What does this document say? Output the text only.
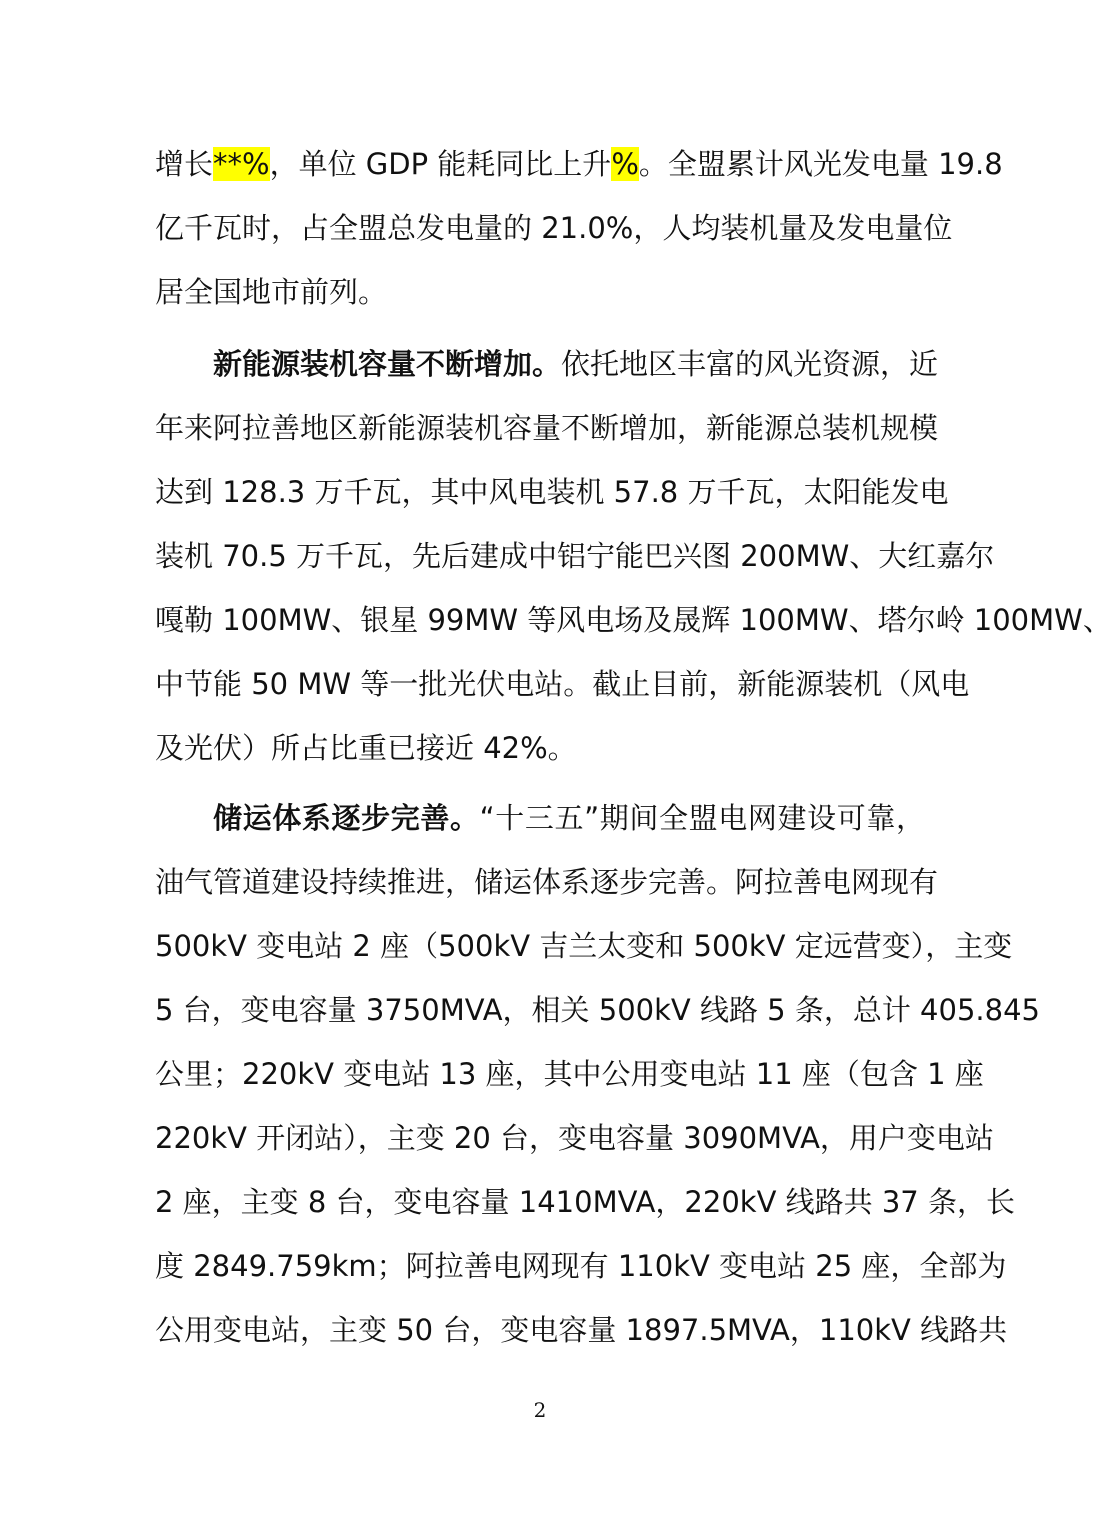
增长**%，单位 GDP 能耗同比上升%。全盟累计风光发电量 19.8
亿千瓦时，占全盟总发电量的 21.0%，人均装机量及发电量位
居全国地市前列。
新能源装机容量不断增加。依托地区丰富的风光资源，近
年来阿拉善地区新能源装机容量不断增加，新能源总装机规模
达到 128.3 万千瓦，其中风电装机 57.8 万千瓦，太阳能发电
装机 70.5 万千瓦，先后建成中铝宁能巴兴图 200MW、大红嘉尔
嘎勒 100MW、银星 99MW 等风电场及晟辉 100MW、塔尔岭 100MW、
中节能 50 MW 等一批光伏电站。截止目前，新能源装机（风电
及光伏）所占比重已接近 42%。
储运体系逐步完善。“十三五”期间全盟电网建设可靠，
油气管道建设持续推进，储运体系逐步完善。阿拉善电网现有
500kV 变电站 2 座（500kV 吉兰太变和 500kV 定远营变），主变
5 台，变电容量 3750MVA，相关 500kV 线路 5 条，总计 405.845
公里；220kV 变电站 13 座，其中公用变电站 11 座（包含 1 座
220kV 开闭站），主变 20 台，变电容量 3090MVA，用户变电站
2 座，主变 8 台，变电容量 1410MVA，220kV 线路共 37 条，长
度 2849.759km；阿拉善电网现有 110kV 变电站 25 座，全部为
公用变电站，主变 50 台，变电容量 1897.5MVA，110kV 线路共
2
